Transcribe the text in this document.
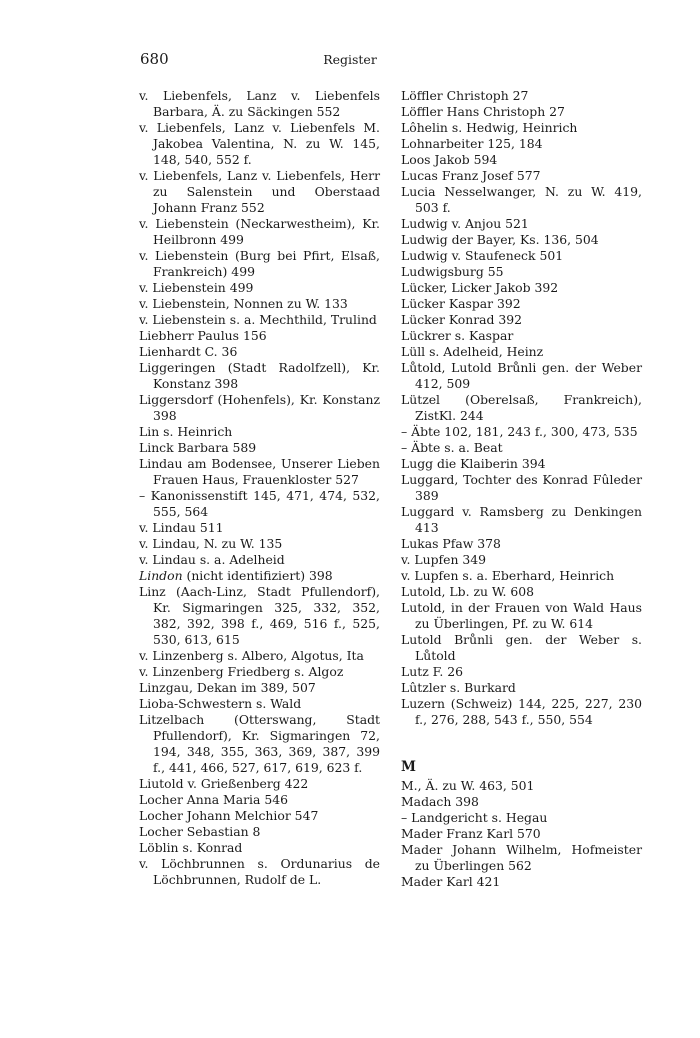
680	Register

v. Liebenfels, Lanz v. Liebenfels Barbara, Ä. zu Säckingen 552

v. Liebenfels, Lanz v. Liebenfels M. Jakobea Valentina, N. zu W. 145, 148, 540, 552 f.

v. Liebenfels, Lanz v. Liebenfels, Herr zu Salenstein und Oberstaad Johann Franz 552

v. Liebenstein (Neckarwestheim), Kr. Heilbronn 499

v. Liebenstein (Burg bei Pfirt, Elsaß, Frankreich) 499

v. Liebenstein 499

v. Liebenstein, Nonnen zu W. 133

v. Liebenstein s. a. Mechthild, Trulind

Liebherr Paulus 156

Lienhardt C. 36

Liggeringen (Stadt Radolfzell), Kr. Konstanz 398

Liggersdorf (Hohenfels), Kr. Konstanz 398

Lin s. Heinrich

Linck Barbara 589

Lindau am Bodensee, Unserer Lieben Frauen Haus, Frauenkloster 527

– Kanonissenstift 145, 471, 474, 532, 555, 564

v. Lindau 511

v. Lindau, N. zu W. 135

v. Lindau s. a. Adelheid

Lindon (nicht identifiziert) 398

Linz (Aach-Linz, Stadt Pfullendorf), Kr. Sigmaringen 325, 332, 352, 382, 392, 398 f., 469, 516 f., 525, 530, 613, 615

v. Linzenberg s. Albero, Algotus, Ita

v. Linzenberg Friedberg s. Algoz

Linzgau, Dekan im 389, 507

Lioba-Schwestern s. Wald

Litzelbach (Otterswang, Stadt Pfullendorf), Kr. Sigmaringen 72, 194, 348, 355, 363, 369, 387, 399 f., 441, 466, 527, 617, 619, 623 f.

Liutold v. Grießenberg 422

Locher Anna Maria 546

Locher Johann Melchior 547

Locher Sebastian 8

Löblin s. Konrad

v. Löchbrunnen s. Ordunarius de Löchbrunnen, Rudolf de L.

Löffler Christoph 27

Löffler Hans Christoph 27

Lôhelin s. Hedwig, Heinrich

Lohnarbeiter 125, 184

Loos Jakob 594

Lucas Franz Josef 577

Lucia Nesselwanger, N. zu W. 419, 503 f.

Ludwig v. Anjou 521

Ludwig der Bayer, Ks. 136, 504

Ludwig v. Staufeneck 501

Ludwigsburg 55

Lücker, Licker Jakob 392

Lücker Kaspar 392

Lücker Konrad 392

Lückrer s. Kaspar

Lüll s. Adelheid, Heinz

Lůtold, Lutold Brůnli gen. der Weber 412, 509

Lützel (Oberelsaß, Frankreich), ZistKl. 244

– Äbte 102, 181, 243 f., 300, 473, 535

– Äbte s. a. Beat

Lugg die Klaiberin 394

Luggard, Tochter des Konrad Fûleder 389

Luggard v. Ramsberg zu Denkingen 413

Lukas Pfaw 378

v. Lupfen 349

v. Lupfen s. a. Eberhard, Heinrich

Lutold, Lb. zu W. 608

Lutold, in der Frauen von Wald Haus zu Überlingen, Pf. zu W. 614

Lutold Brůnli gen. der Weber s. Lůtold

Lutz F. 26

Lûtzler s. Burkard

Luzern (Schweiz) 144, 225, 227, 230 f., 276, 288, 543 f., 550, 554

M

M., Ä. zu W. 463, 501

Madach 398

– Landgericht s. Hegau

Mader Franz Karl 570

Mader Johann Wilhelm, Hofmeister zu Überlingen 562

Mader Karl 421
